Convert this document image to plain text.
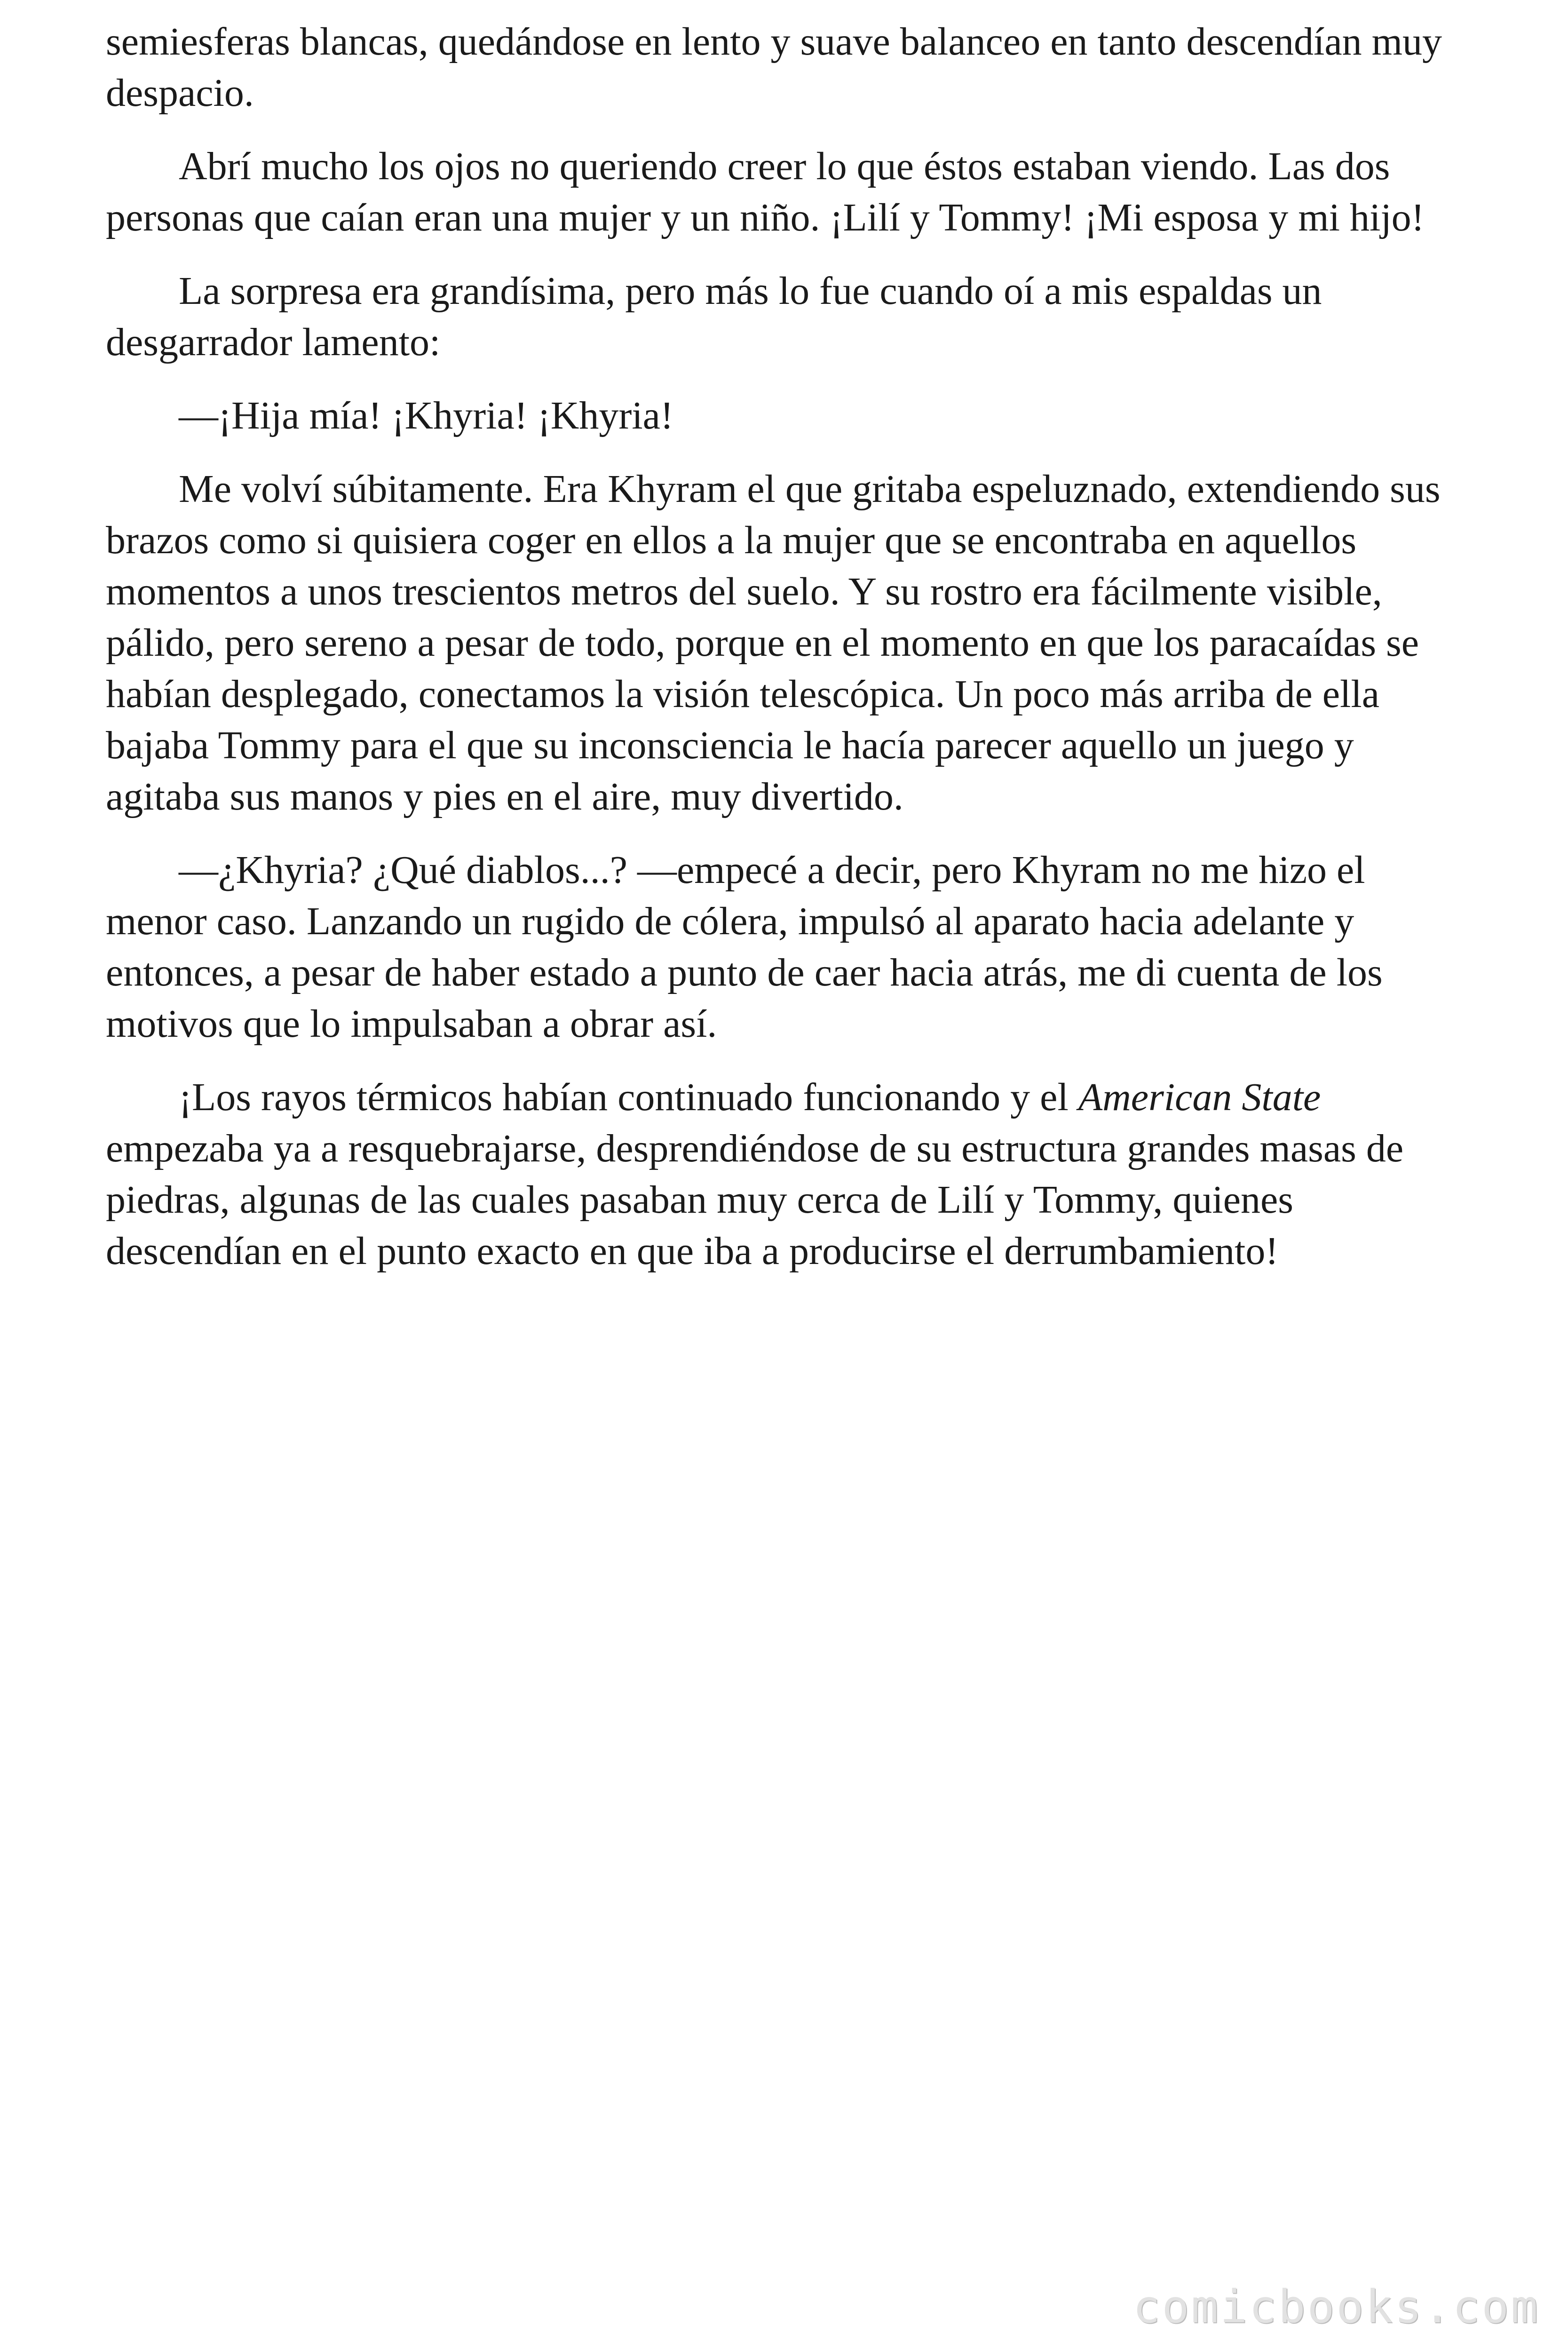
semiesferas blancas, quedándose en lento y suave balanceo en tanto descendían muy despacio.

Abrí mucho los ojos no queriendo creer lo que éstos estaban viendo. Las dos personas que caían eran una mujer y un niño. ¡Lilí y Tommy! ¡Mi esposa y mi hijo!

La sorpresa era grandísima, pero más lo fue cuando oí a mis espaldas un desgarrador lamento:

—¡Hija mía! ¡Khyria! ¡Khyria!

Me volví súbitamente. Era Khyram el que gritaba espeluznado, extendiendo sus brazos como si quisiera coger en ellos a la mujer que se encontraba en aquellos momentos a unos trescientos metros del suelo. Y su rostro era fácilmente visible, pálido, pero sereno a pesar de todo, porque en el momento en que los paracaídas se habían desplegado, conectamos la visión telescópica. Un poco más arriba de ella bajaba Tommy para el que su inconsciencia le hacía parecer aquello un juego y agitaba sus manos y pies en el aire, muy divertido.

—¿Khyria? ¿Qué diablos...? —empecé a decir, pero Khyram no me hizo el menor caso. Lanzando un rugido de cólera, impulsó al aparato hacia adelante y entonces, a pesar de haber estado a punto de caer hacia atrás, me di cuenta de los motivos que lo impulsaban a obrar así.

¡Los rayos térmicos habían continuado funcionando y el American State empezaba ya a resquebrajarse, desprendiéndose de su estructura grandes masas de piedras, algunas de las cuales pasaban muy cerca de Lilí y Tommy, quienes descendían en el punto exacto en que iba a producirse el derrumbamiento!

comicbooks.com
